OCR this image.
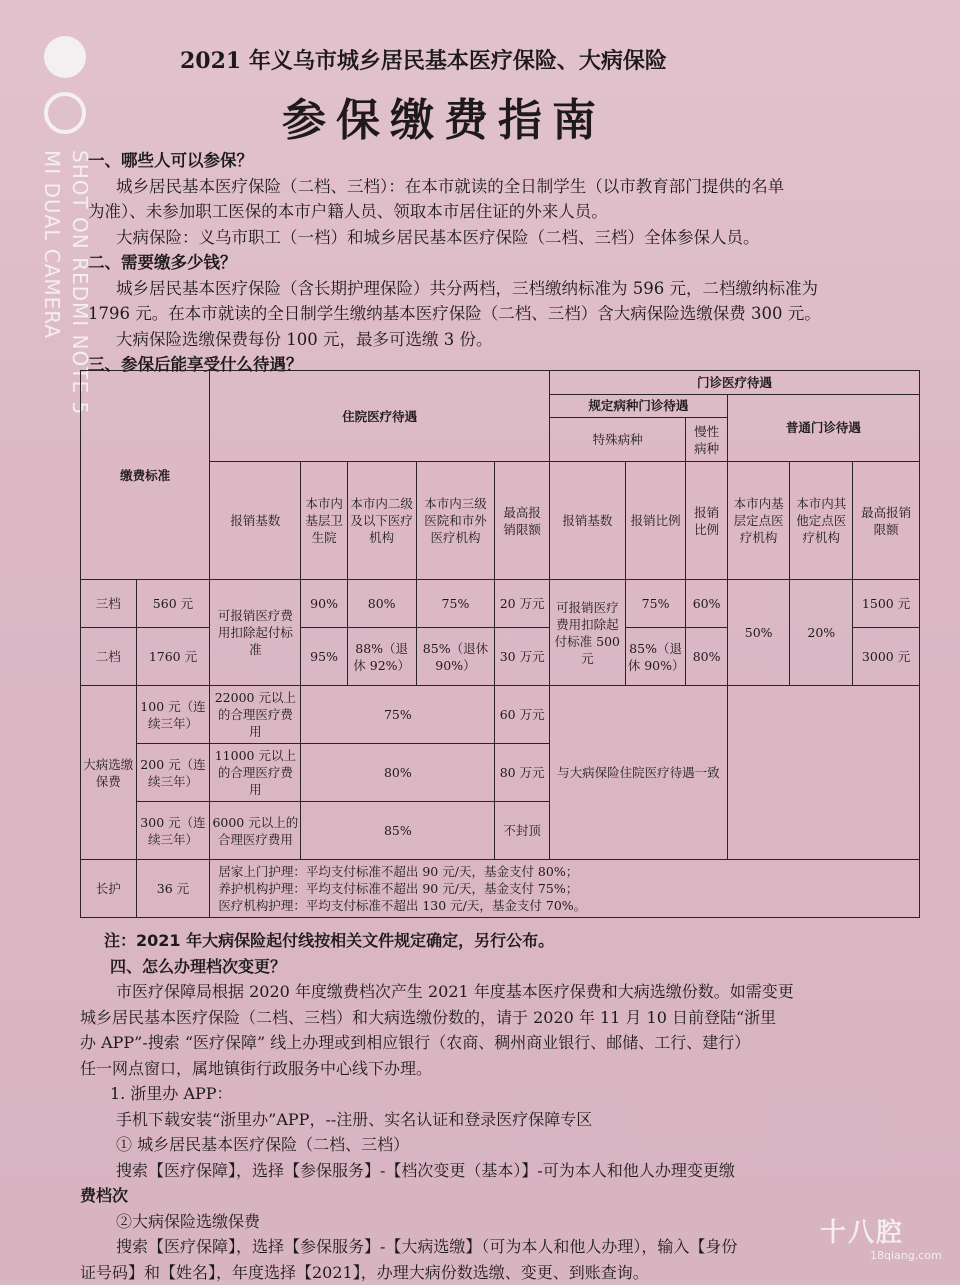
SHOT ON REDMI NOTE 5
MI DUAL CAMERA
2021 年义乌市城乡居民基本医疗保险、大病保险
参保缴费指南

一、哪些人可以参保？

城乡居民基本医疗保险（二档、三档）：在本市就读的全日制学生（以市教育部门提供的名单

为准）、未参加职工医保的本市户籍人员、领取本市居住证的外来人员。

大病保险：义乌市职工（一档）和城乡居民基本医疗保险（二档、三档）全体参保人员。

二、需要缴多少钱？

城乡居民基本医疗保险（含长期护理保险）共分两档，三档缴纳标准为 596 元，二档缴纳标准为

1796 元。在本市就读的全日制学生缴纳基本医疗保险（二档、三档）含大病保险选缴保费 300 元。

大病保险选缴保费每份 100 元，最多可选缴 3 份。

三、参保后能享受什么待遇？

缴费标准		住院医疗待遇					门诊医疗待遇					
							规定病种门诊待遇			普通门诊待遇		
							特殊病种		慢性病种			
		报销基数	本市内基层卫生院	本市内二级及以下医疗机构	本市内三级医院和市外医疗机构	最高报销限额	报销基数	报销比例	报销比例	本市内基层定点医疗机构	本市内其他定点医疗机构	最高报销限额
三档	560 元	可报销医疗费用扣除起付标准	90%	80%	75%	20 万元	可报销医疗费用扣除起付标准 500 元	75%	60%	50%	20%	1500 元
二档	1760 元		95%	88%（退休 92%）	85%（退休 90%）	30 万元		85%（退休 90%）	80%			3000 元
大病选缴保费	100 元（连续三年）	22000 元以上的合理医疗费用	75%			60 万元	与大病保险住院医疗待遇一致					
	200 元（连续三年）	11000 元以上的合理医疗费用	80%			80 万元						
	300 元（连续三年）	6000 元以上的合理医疗费用	85%			不封顶						
长护	36 元	居家上门护理：平均支付标准不超出 90 元/天，基金支付 80%；
养护机构护理：平均支付标准不超出 90 元/天，基金支付 75%；
医疗机构护理：平均支付标准不超出 130 元/天，基金支付 70%。										

注：2021 年大病保险起付线按相关文件规定确定，另行公布。

四、怎么办理档次变更？

市医疗保障局根据 2020 年度缴费档次产生 2021 年度基本医疗保费和大病选缴份数。如需变更

城乡居民基本医疗保险（二档、三档）和大病选缴份数的，请于 2020 年 11 月 10 日前登陆“浙里

办 APP”-搜索 “医疗保障” 线上办理或到相应银行（农商、稠州商业银行、邮储、工行、建行）

任一网点窗口，属地镇街行政服务中心线下办理。

1. 浙里办 APP：

手机下载安装“浙里办”APP，--注册、实名认证和登录医疗保障专区

① 城乡居民基本医疗保险（二档、三档）

搜索【医疗保障】，选择【参保服务】-【档次变更（基本）】-可为本人和他人办理变更缴

费档次

②大病保险选缴保费

搜索【医疗保障】，选择【参保服务】-【大病选缴】（可为本人和他人办理），输入【身份

证号码】和【姓名】，年度选择【2021】，办理大病份数选缴、变更、到账查询。

十八腔
18qiang.com
